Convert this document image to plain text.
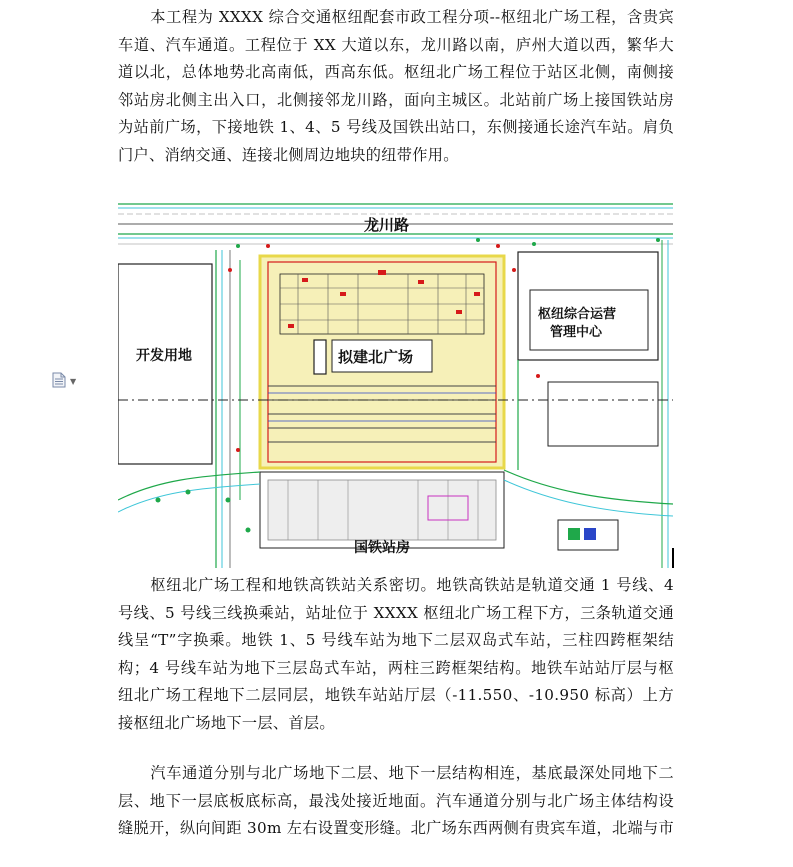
本工程为 XXXX 综合交通枢纽配套市政工程分项--枢纽北广场工程，含贵宾车道、汽车通道。工程位于 XX 大道以东，龙川路以南，庐州大道以西，繁华大道以北，总体地势北高南低，西高东低。枢纽北广场工程位于站区北侧，南侧接邻站房北侧主出入口，北侧接邻龙川路，面向主城区。北站前广场上接国铁站房为站前广场，下接地铁 1、4、5 号线及国铁出站口，东侧接通长途汽车站。肩负门户、消纳交通、连接北侧周边地块的纽带作用。

▼
龙川路
开发用地
枢纽综合运营
管理中心
拟建北广场
国铁站房

枢纽北广场工程和地铁高铁站关系密切。地铁高铁站是轨道交通 1 号线、4 号线、5 号线三线换乘站，站址位于 XXXX 枢纽北广场工程下方，三条轨道交通线呈“T”字换乘。地铁 1、5 号线车站为地下二层双岛式车站，三柱四跨框架结构；4 号线车站为地下三层岛式车站，两柱三跨框架结构。地铁车站站厅层与枢纽北广场工程地下二层同层，地铁车站站厅层（-11.550、-10.950 标高）上方接枢纽北广场地下一层、首层。

汽车通道分别与北广场地下二层、地下一层结构相连，基底最深处同地下二层、地下一层底板底标高，最浅处接近地面。汽车通道分别与北广场主体结构设缝脱开，纵向间距 30m 左右设置变形缝。北广场东西两侧有贵宾车道，北端与市
